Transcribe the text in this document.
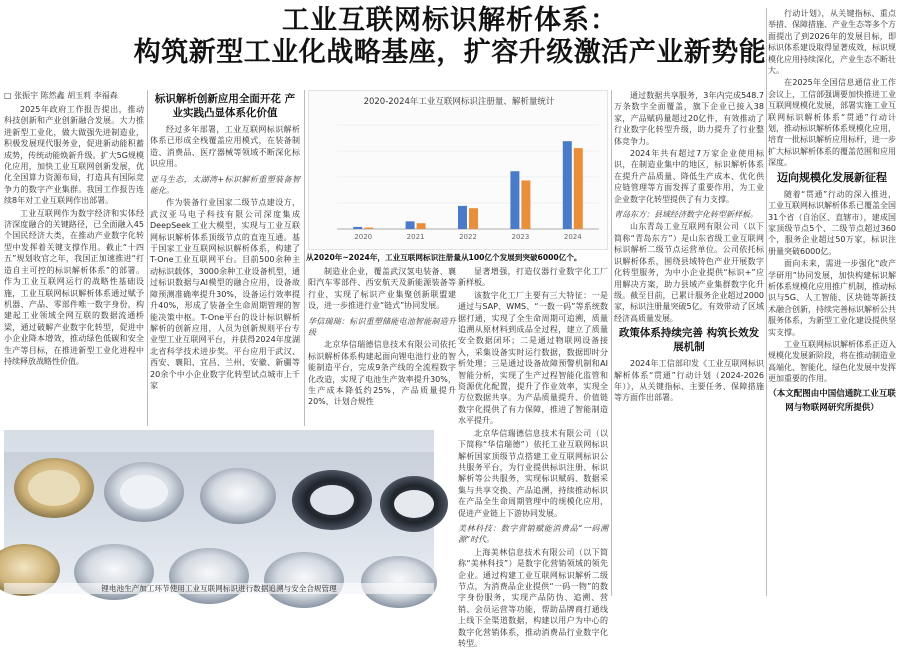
工业互联网标识解析体系：
构筑新型工业化战略基座，扩容升级激活产业新势能
□ 张振宇 陈然鑫 胡玉莉 李福森

2025年政府工作报告提出，推动科技创新和产业创新融合发展。大力推进新型工业化，做大做强先进制造业，积极发展现代服务业，促进新动能积蓄成势，传统动能焕新升级。扩大5G规模化应用，加快工业互联网创新发展，优化全国算力资源布局，打造具有国际竞争力的数字产业集群。我国工作报告连续8年对工业互联网作出部署。

工业互联网作为数字经济和实体经济深度融合的关键路径，已全面融入45个国民经济大类，在推动产业数字化转型中发挥着关键支撑作用。截止“十四五”规划收官之年，我国正加速推进“打造自主可控的标识解析体系”的部署。作为工业互联网运行的战略性基础设施，工业互联网标识解析体系通过赋予机器、产品、零部件唯一数字身份，构建起工业领域全网互联的数据流通桥梁，通过破解产业数字化转型，促进中小企业降本增效，推动绿色低碳和安全生产等目标，在推进新型工业化进程中持续释放战略性价值。

标识解析创新应用全面开花 产业实践凸显体系化价值

经过多年部署，工业互联网标识解析体系已形成全栈覆盖应用模式，在装备制造、消费品、医疗器械等领域不断深化标识应用。

亚马生态，太湖湾+标识解析重塑装备智能化。

作为装备行业国家二级节点建设方，武汉亚马电子科技有限公司深度集成DeepSeek工业大模型，实现与工业互联网标识解析体系顶级节点的直连互通。基于国家工业互联网标识解析体系，构建了T-One工业互联网平台。目前500余种主动标识载体，3000余种工业设备机型，通过标识数据与AI模型的融合应用，设备故障预测准确率提升30%，设备运行效率提升40%，形成了装备全生命周期管理的智能决策中枢。T-One平台的设计标识解析解析的创新应用，人员为创新规则平台专业型工业互联网平台，并获得2024年度湖北省科学技术进步奖。平台应用于武汉、西安、襄阳、宜昌、兰州、安徽、新疆等20余个中小企业数字化转型试点城市上千家

2020-2024年工业互联网标识注册量、解析量统计
2020	2021	2022	2023	2024
从2020年~2024年，工业互联网标识注册量从100亿个发展到突破6000亿个。

制造业企业，覆盖武汉氢电装备、襄阳汽车零部件、西安航天及新能源装备等行业，实现了标识产业集聚创新联盟建设，进一步推进行业“链式”协同发展。

华信瑞瑞：标识重塑储能电池智能制造升级

北京华信瑞德信息技术有限公司依托标识解析体系构建起面向锂电池行业的智能制造平台，完成9条产线的全流程数字化改造，实现了电池生产效率提升30%，生产成本降低约25%，产品质量提升20%，计划合规性

显著增强，打造仪器行业数字化工厂新样板。

该数字化工厂主要有三大特征：一是通过与SAP、WMS、“一数一码”等系统数据打通，实现了全生命周期可追溯，质量追溯从原材料到成品全过程，建立了质量安全数据闭环；二是通过物联网设备接入，采集设备实时运行数据，数据即时分析处理；三是通过设备故障预警机制和AI智能分析，实现了生产过程智能化监管和资源优化配置，提升了作业效率，实现全方位数据共享。为产品质量提升、价值链数字化提供了有力保障，推进了智能制造水平提升。

北京华信瑞德信息技术有限公司（以下简称“华信瑞德”）依托工业互联网标识解析国家顶级节点搭建工业互联网标识公共服务平台，为行业提供标识注册、标识解析等公共服务，实现标识赋码、数据采集与共享交换、产品追溯，持续推动标识在产品全生命周期管理中的规模化应用，促进产业链上下游协同发展。

美林科技：数字营销赋能消费品“一码溯源”时代。

上海美林信息技术有限公司（以下简称“美林科技”）是数字化营销领域的领先企业。通过构建工业互联网标识解析二级节点，为消费品企业提供“一码一物”的数字身份服务，实现产品防伪、追溯、营销、会员运营等功能，帮助品牌商打通线上线下全渠道数据，构建以用户为中心的数字化营销体系，推动消费品行业数字化转型。

通过数据共享服务，3年内完成548.7万条数字全面覆盖，旗下企业已接入38家，产品赋码量超过20亿件，有效推动了行业数字化转型升级，助力提升了行业整体竞争力。

2024年共有超过7万家企业使用标识，在制造业集中的地区，标识解析体系在提升产品质量、降低生产成本、优化供应链管理等方面发挥了重要作用，为工业企业数字化转型提供了有力支撑。

青岛东方：县域经济数字化转型新样板。

山东青岛工业互联网有限公司（以下简称“青岛东方”）是山东省级工业互联网标识解析二级节点运营单位。公司依托标识解析体系，围绕县域特色产业开展数字化转型服务，为中小企业提供“标识+”应用解决方案，助力县域产业集群数字化升级。截至目前，已累计服务企业超过2000家，标识注册量突破5亿，有效带动了区域经济高质量发展。

政策体系持续完善 构筑长效发展机制

2024年工信部印发《工业互联网标识解析体系“贯通”行动计划（2024-2026年）》，从关键指标、主要任务、保障措施等方面作出部署。

行动计划》，从关键指标、重点举措、保障措施、产业生态等多个方面提出了到2026年的发展目标，即标识体系建设取得显著成效，标识规模化应用持续深化，产业生态不断壮大。

在2025年全国信息通信业工作会议上，工信部强调要加快推进工业互联网规模化发展，部署实施工业互联网标识解析体系“贯通”行动计划，推动标识解析体系规模化应用，培育一批标识解析应用标杆，进一步扩大标识解析体系的覆盖范围和应用深度。

迈向规模化发展新征程

随着“贯通”行动的深入推进，工业互联网标识解析体系已覆盖全国31个省（自治区、直辖市），建成国家顶级节点5个、二级节点超过360个，服务企业超过50万家，标识注册量突破6000亿。

面向未来，需进一步强化“政产学研用”协同发展，加快构建标识解析体系规模化应用推广机制，推动标识与5G、人工智能、区块链等新技术融合创新，持续完善标识解析公共服务体系，为新型工业化建设提供坚实支撑。

工业互联网标识解析体系正迈入规模化发展新阶段，将在推动制造业高端化、智能化、绿色化发展中发挥更加重要的作用。

（本文配图由中国信通院工业互联网与物联网研究所提供）

锂电池生产加工环节使用工业互联网标识进行数据追溯与安全合规管理
